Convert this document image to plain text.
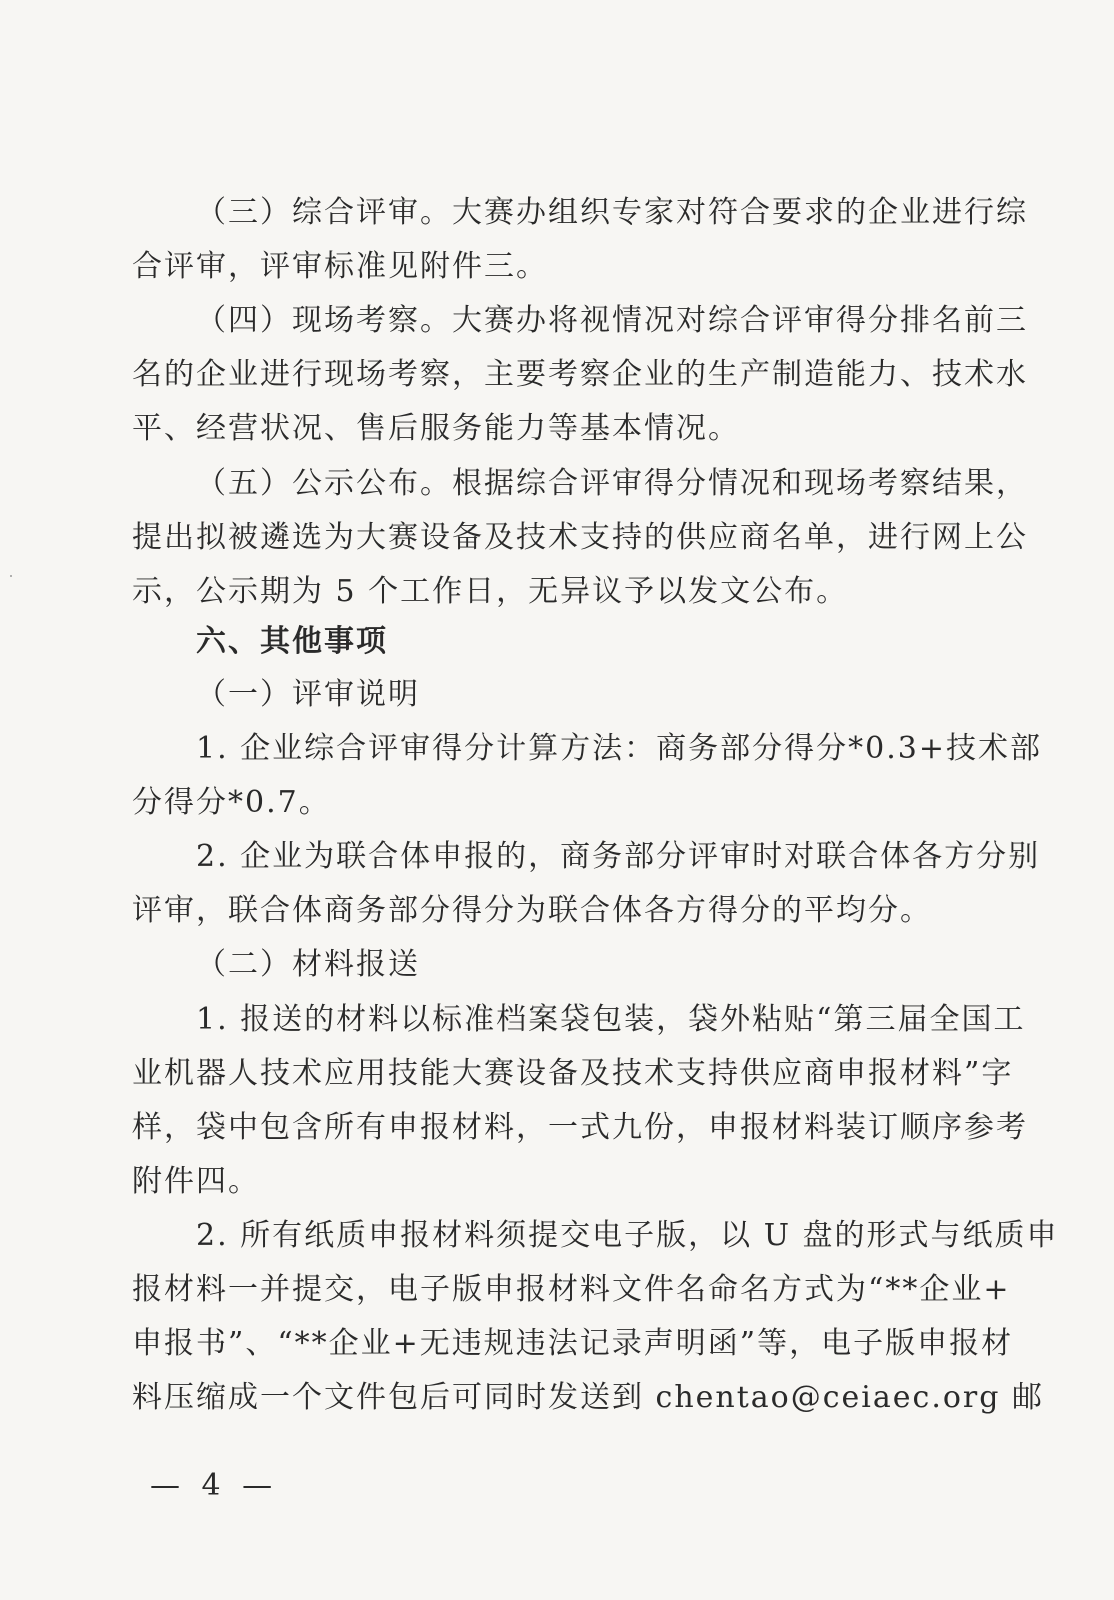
（三）综合评审。大赛办组织专家对符合要求的企业进行综
合评审，评审标准见附件三。
（四）现场考察。大赛办将视情况对综合评审得分排名前三
名的企业进行现场考察，主要考察企业的生产制造能力、技术水
平、经营状况、售后服务能力等基本情况。
（五）公示公布。根据综合评审得分情况和现场考察结果，
提出拟被遴选为大赛设备及技术支持的供应商名单，进行网上公
示，公示期为 5 个工作日，无异议予以发文公布。
六、其他事项
（一）评审说明
1. 企业综合评审得分计算方法：商务部分得分*0.3+技术部
分得分*0.7。
2. 企业为联合体申报的，商务部分评审时对联合体各方分别
评审，联合体商务部分得分为联合体各方得分的平均分。
（二）材料报送
1. 报送的材料以标准档案袋包装，袋外粘贴“第三届全国工
业机器人技术应用技能大赛设备及技术支持供应商申报材料”字
样，袋中包含所有申报材料，一式九份，申报材料装订顺序参考
附件四。
2. 所有纸质申报材料须提交电子版，以 U 盘的形式与纸质申
报材料一并提交，电子版申报材料文件名命名方式为“**企业+
申报书”、“**企业+无违规违法记录声明函”等，电子版申报材
料压缩成一个文件包后可同时发送到 chentao@ceiaec.org 邮
— 4 —
